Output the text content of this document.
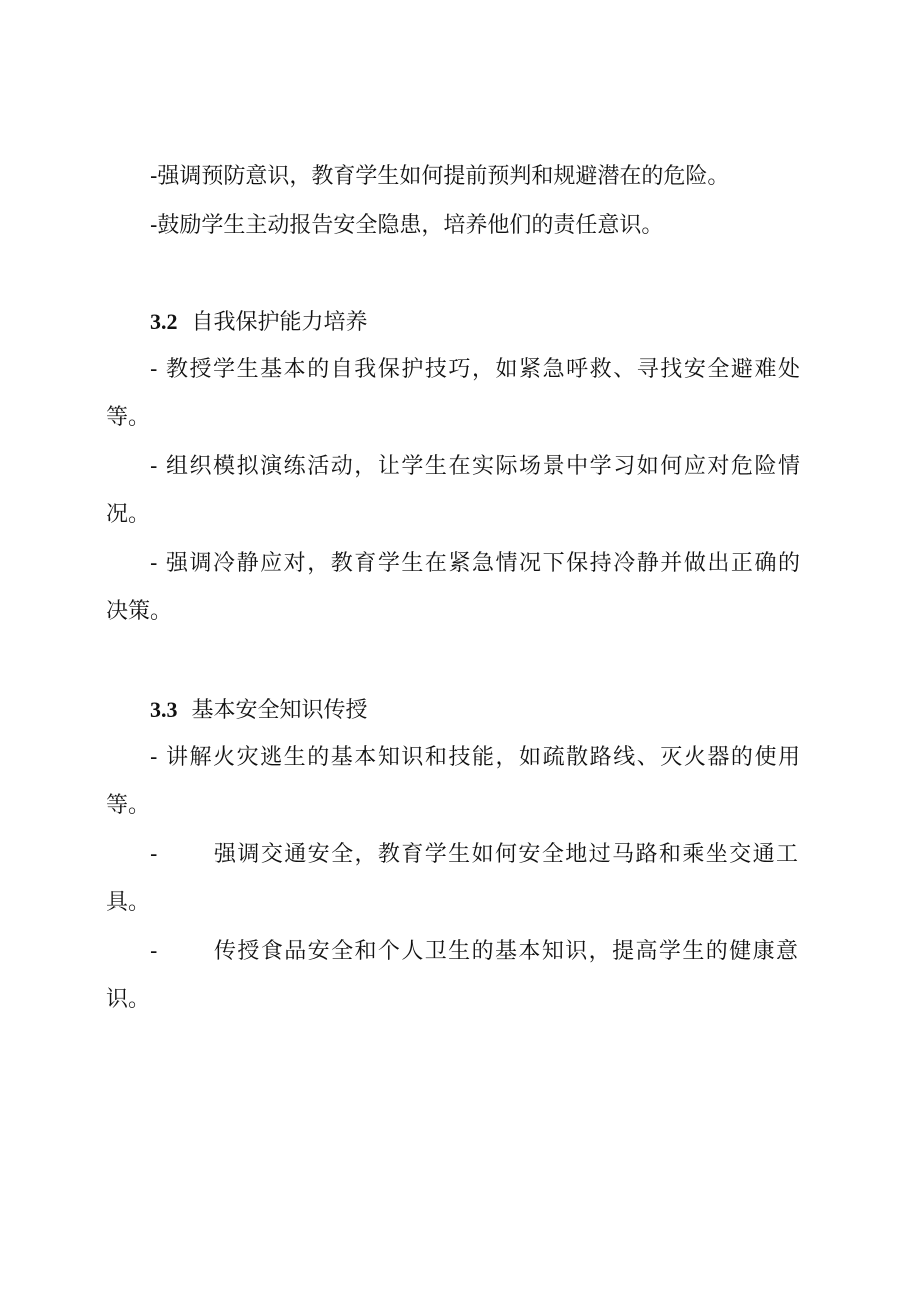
-强调预防意识，教育学生如何提前预判和规避潜在的危险。
-鼓励学生主动报告安全隐患，培养他们的责任意识。
3.2 自我保护能力培养
- 教授学生基本的自我保护技巧，如紧急呼救、寻找安全避难处
等。
- 组织模拟演练活动，让学生在实际场景中学习如何应对危险情
况。
- 强调冷静应对，教育学生在紧急情况下保持冷静并做出正确的
决策。
3.3 基本安全知识传授
- 讲解火灾逃生的基本知识和技能，如疏散路线、灭火器的使用
等。
-	强调交通安全，教育学生如何安全地过马路和乘坐交通工
具。
-	传授食品安全和个人卫生的基本知识，提高学生的健康意
识。
